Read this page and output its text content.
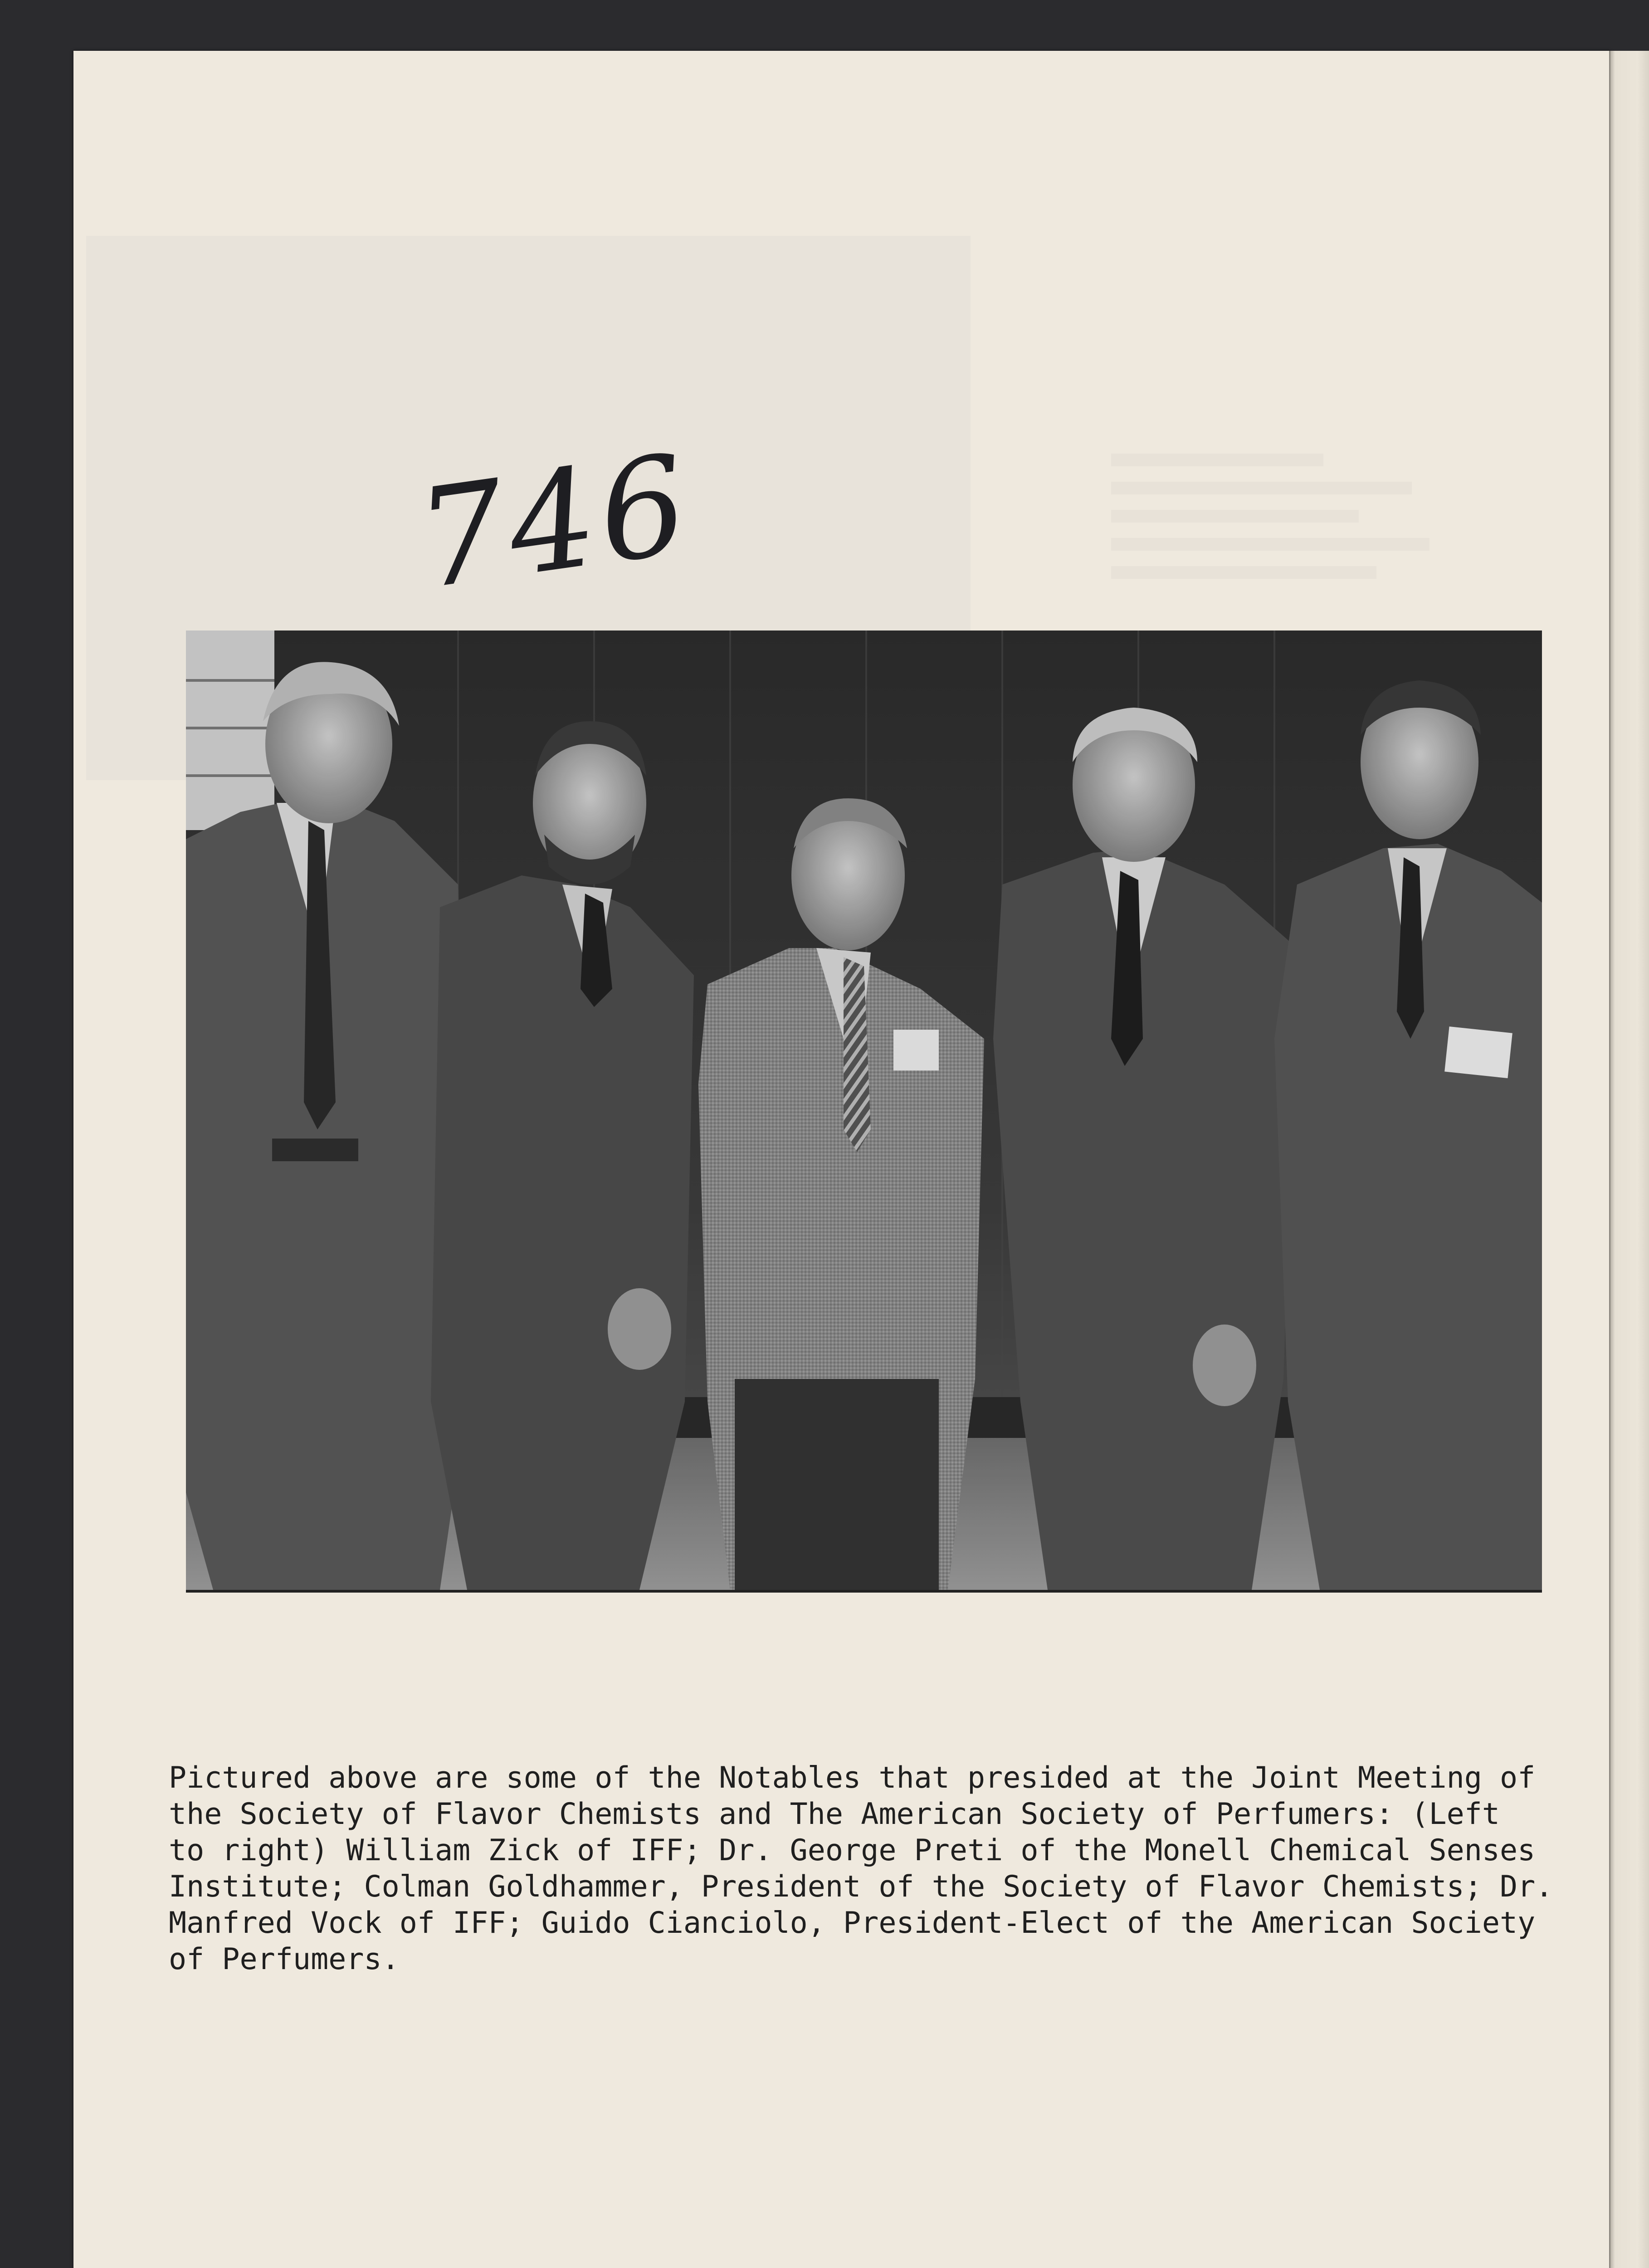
746

Pictured above are some of the Notables that presided at the Joint Meeting of
the Society of Flavor Chemists and The American Society of Perfumers: (Left
to right) William Zick of IFF; Dr. George Preti of the Monell Chemical Senses
Institute; Colman Goldhammer, President of the Society of Flavor Chemists; Dr.
Manfred Vock of IFF; Guido Cianciolo, President-Elect of the American Society
of Perfumers.
